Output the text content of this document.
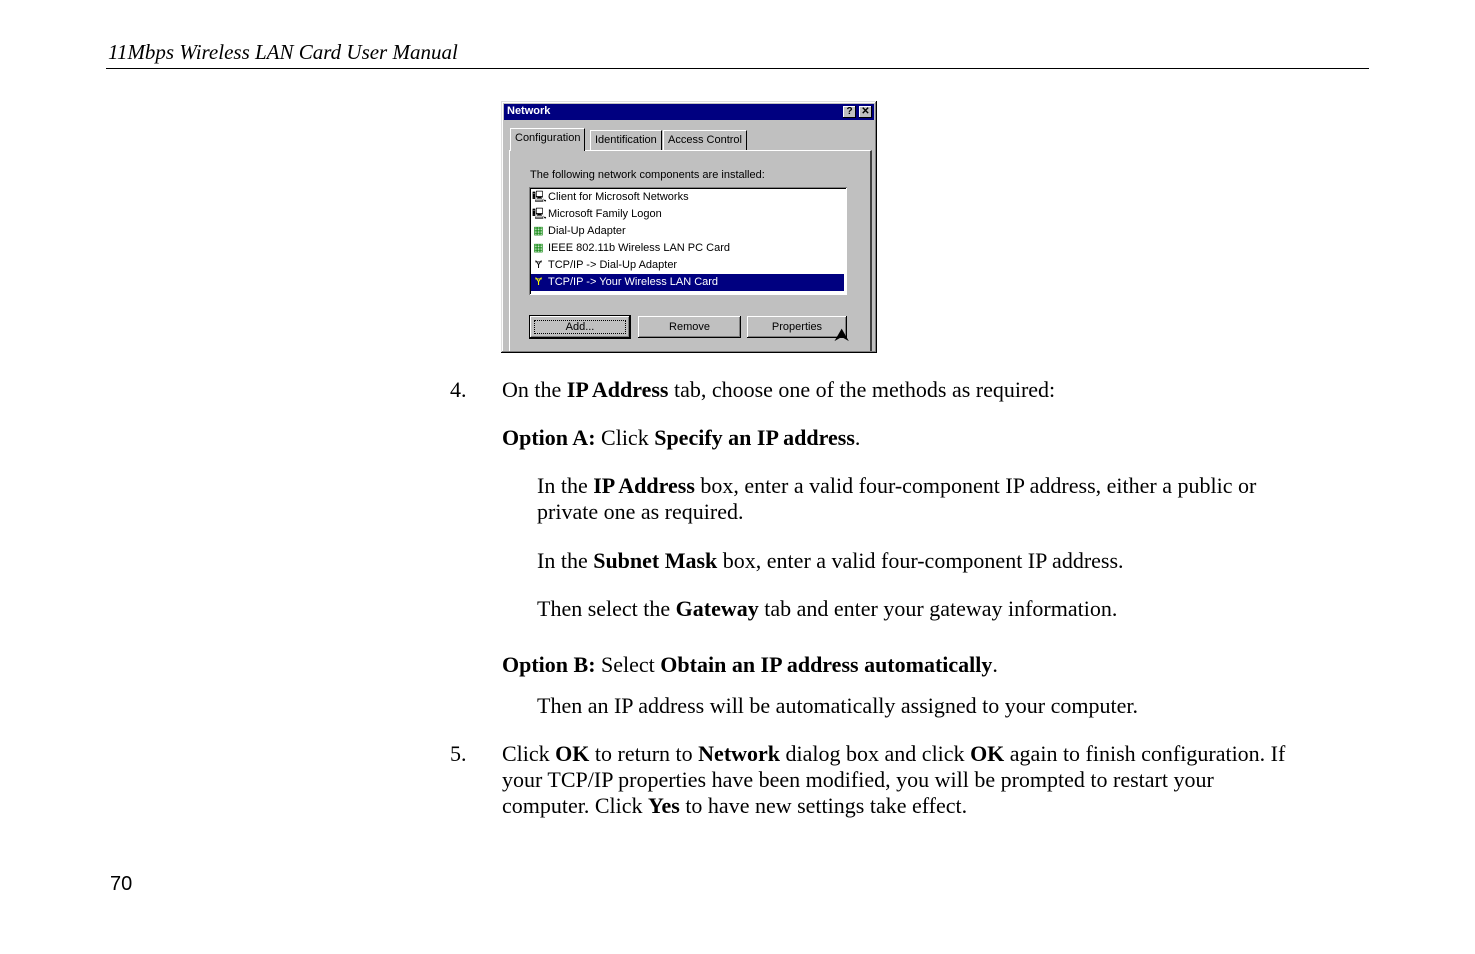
11Mbps Wireless LAN Card User Manual
Network	? ✕
Configuration	Identification	Access Control
The following network components are installed:
🖳Client for Microsoft Networks
🖳Microsoft Family Logon
▦ Dial-Up Adapter
▦ IEEE 802.11b Wireless LAN PC Card
Ɏ TCP/IP -> Dial-Up Adapter
Ɏ TCP/IP -> Your Wireless LAN Card
Add...	Remove	Properties ⮝
4. On the IP Address tab, choose one of the methods as required:
Option A: Click Specify an IP address.
In the IP Address box, enter a valid four-component IP address, either a public or
private one as required.
In the Subnet Mask box, enter a valid four-component IP address.
Then select the Gateway tab and enter your gateway information.
Option B: Select Obtain an IP address automatically.
Then an IP address will be automatically assigned to your computer.
5. Click OK to return to Network dialog box and click OK again to finish configuration. If
your TCP/IP properties have been modified, you will be prompted to restart your
computer. Click Yes to have new settings take effect.
70
